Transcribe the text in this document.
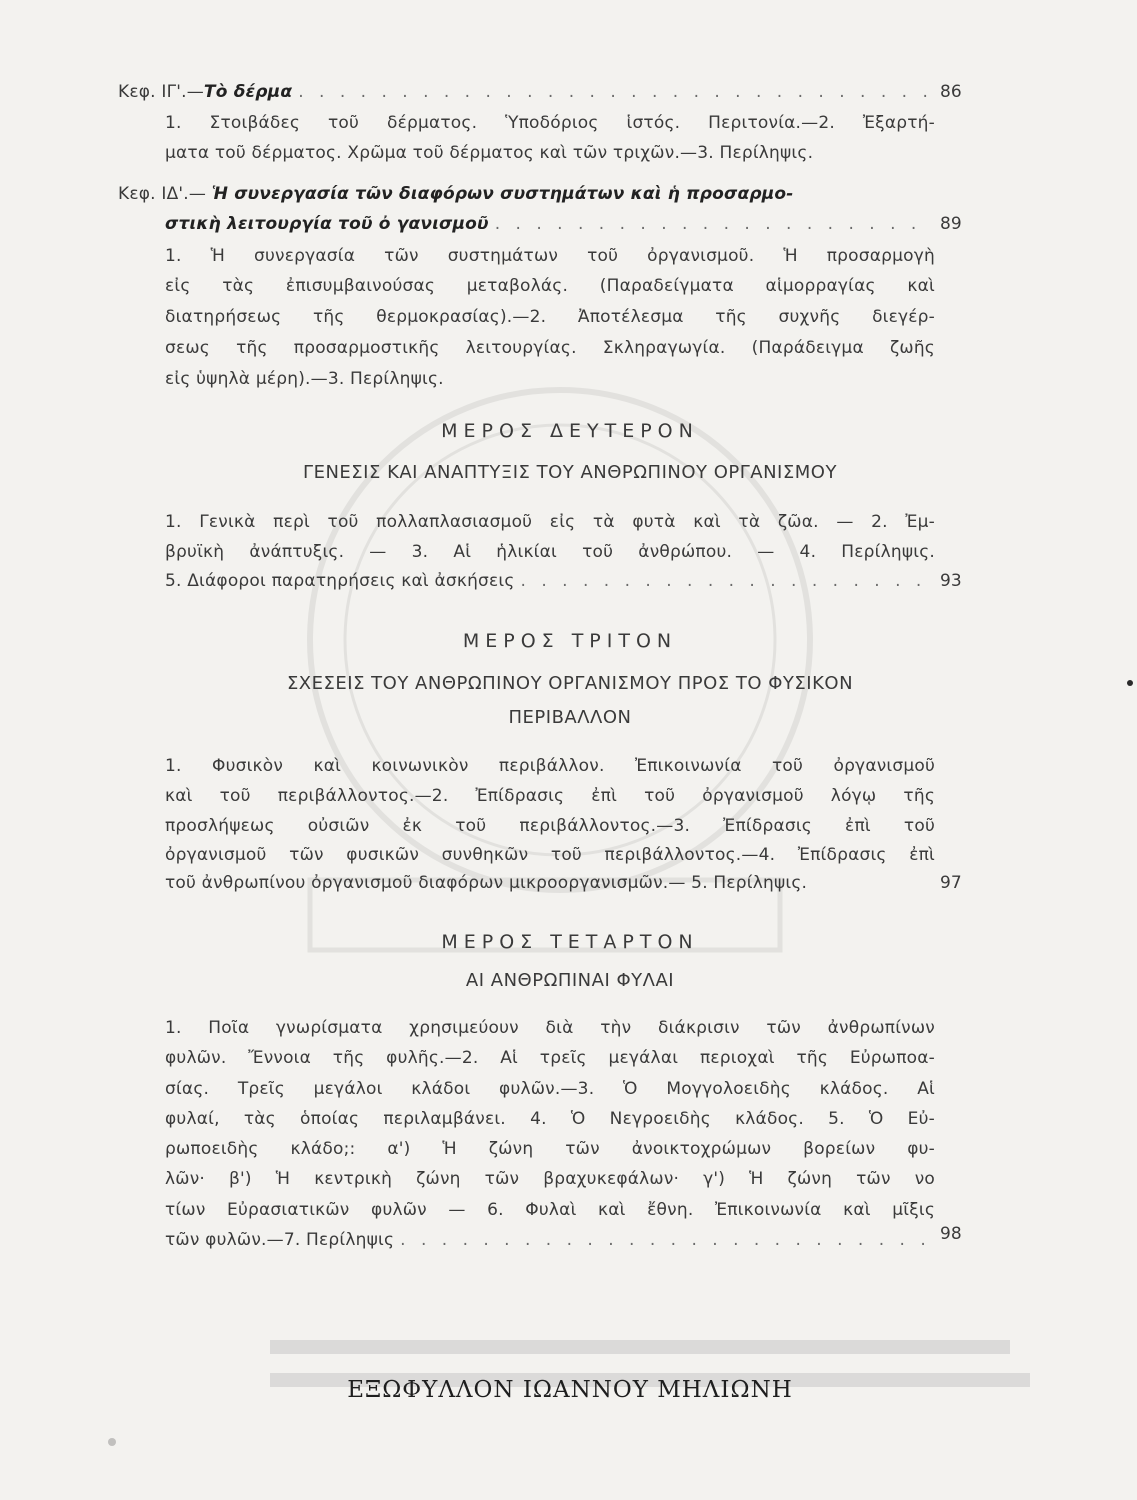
Κεφ. ΙΓ'.— Τὸ δέρμα . . .	86
1. Στοιβάδες τοῦ δέρματος. Ὑποδόριος ἱστός. Περιτονία.—2. Ἐξαρτή-
ματα τοῦ δέρματος. Χρῶμα τοῦ δέρματος καὶ τῶν τριχῶν.—3. Περίληψις.
Κεφ. ΙΔ'.— Ἡ συνεργασία τῶν διαφόρων συστημάτων καὶ ἡ προσαρμο-
στικὴ λειτουργία τοῦ ὀ γανισμοῦ . . .	89
1. Ἡ συνεργασία τῶν συστημάτων τοῦ ὀργανισμοῦ. Ἡ προσαρμογὴ
εἰς τὰς ἐπισυμβαινούσας μεταβολάς. (Παραδείγματα αἱμορραγίας καὶ
διατηρήσεως τῆς θερμοκρασίας).—2. Ἀποτέλεσμα τῆς συχνῆς διεγέρ-
σεως τῆς προσαρμοστικῆς λειτουργίας. Σκληραγωγία. (Παράδειγμα ζωῆς
εἰς ὑψηλὰ μέρη).—3. Περίληψις.
ΜΕΡΟΣ ΔΕΥΤΕΡΟΝ
ΓΕΝΕΣΙΣ ΚΑΙ ΑΝΑΠΤΥΞΙΣ ΤΟΥ ΑΝΘΡΩΠΙΝΟΥ ΟΡΓΑΝΙΣΜΟΥ
1. Γενικὰ περὶ τοῦ πολλαπλασιασμοῦ εἰς τὰ φυτὰ καὶ τὰ ζῶα. — 2. Ἐμ-
βρυϊκὴ ἀνάπτυξις. — 3. Αἱ ἡλικίαι τοῦ ἀνθρώπου. — 4. Περίληψις.
5. Διάφοροι παρατηρήσεις καὶ ἀσκήσεις . . .	93
ΜΕΡΟΣ ΤΡΙΤΟΝ
ΣΧΕΣΕΙΣ ΤΟΥ ΑΝΘΡΩΠΙΝΟΥ ΟΡΓΑΝΙΣΜΟΥ ΠΡΟΣ ΤΟ ΦΥΣΙΚΟΝ
ΠΕΡΙΒΑΛΛΟΝ
1. Φυσικὸν καὶ κοινωνικὸν περιβάλλον. Ἐπικοινωνία τοῦ ὀργανισμοῦ
καὶ τοῦ περιβάλλοντος.—2. Ἐπίδρασις ἐπὶ τοῦ ὀργανισμοῦ λόγῳ τῆς
προσλήψεως οὐσιῶν ἐκ τοῦ περιβάλλοντος.—3. Ἐπίδρασις ἐπὶ τοῦ
ὀργανισμοῦ τῶν φυσικῶν συνθηκῶν τοῦ περιβάλλοντος.—4. Ἐπίδρασις ἐπὶ
τοῦ ἀνθρωπίνου ὀργανισμοῦ διαφόρων μικροοργανισμῶν.— 5. Περίληψις.	97
ΜΕΡΟΣ ΤΕΤΑΡΤΟΝ
ΑΙ ΑΝΘΡΩΠΙΝΑΙ ΦΥΛΑΙ
1. Ποῖα γνωρίσματα χρησιμεύουν διὰ τὴν διάκρισιν τῶν ἀνθρωπίνων
φυλῶν. Ἔννοια τῆς φυλῆς.—2. Αἱ τρεῖς μεγάλαι περιοχαὶ τῆς Εὐρωποα-
σίας. Τρεῖς μεγάλοι κλάδοι φυλῶν.—3. Ὁ Μογγολοειδὴς κλάδος. Αἱ
φυλαί, τὰς ὁποίας περιλαμβάνει. 4. Ὁ Νεγροειδὴς κλάδος. 5. Ὁ Εὐ-
ρωποειδὴς κλάδο;: α') Ἡ ζώνη τῶν ἀνοικτοχρώμων βορείων φυ-
λῶν· β') Ἡ κεντρικὴ ζώνη τῶν βραχυκεφάλων· γ') Ἡ ζώνη τῶν νο
τίων Εὐρασιατικῶν φυλῶν — 6. Φυλαὶ καὶ ἔθνη. Ἐπικοινωνία καὶ μῖξις
τῶν φυλῶν.—7. Περίληψις . . .	98
ΕΞΩΦΥΛΛΟΝ ΙΩΑΝΝΟΥ ΜΗΛΙΩΝΗ
